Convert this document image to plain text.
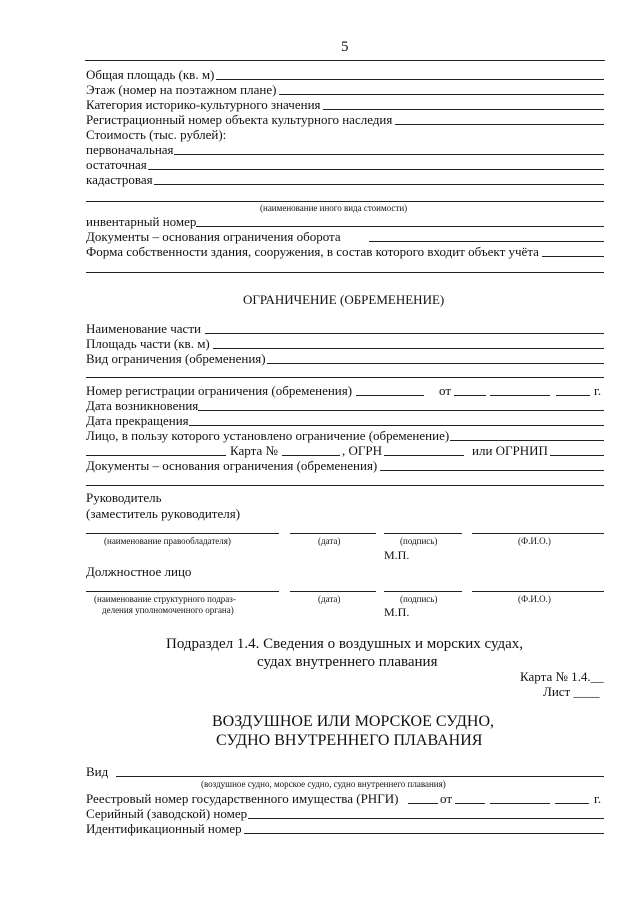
5
Общая площадь (кв. м)
Этаж (номер на поэтажном плане)
Категория историко-культурного значения
Регистрационный номер объекта культурного наследия
Стоимость (тыс. рублей):
первоначальная
остаточная
кадастровая
(наименование иного вида стоимости)
инвентарный номер
Документы – основания ограничения оборота
Форма собственности здания, сооружения, в состав которого входит объект учёта
ОГРАНИЧЕНИЕ (ОБРЕМЕНЕНИЕ)
Наименование части
Площадь части (кв. м)
Вид ограничения (обременения)
Номер регистрации ограничения (обременения)	от	г.
Дата возникновения
Дата прекращения
Лицо, в пользу которого установлено ограничение (обременение)
Карта №	, ОГРН	или ОГРНИП
Документы – основания ограничения (обременения)
Руководитель
(заместитель руководителя)
(наименование правообладателя)	(дата)	(подпись)	(Ф.И.О.)
М.П.
Должностное лицо
(наименование структурного подраз-
деления уполномоченного органа)
(дата)	(подпись)	(Ф.И.О.)
М.П.
Подраздел 1.4. Сведения о воздушных и морских судах,
судах внутреннего плавания
Карта № 1.4.__
Лист ____
ВОЗДУШНОЕ ИЛИ МОРСКОЕ СУДНО,
СУДНО ВНУТРЕННЕГО ПЛАВАНИЯ
Вид
(воздушное судно, морское судно, судно внутреннего плавания)
Реестровый номер государственного имущества (РНГИ)	от	г.
Серийный (заводской) номер
Идентификационный номер
